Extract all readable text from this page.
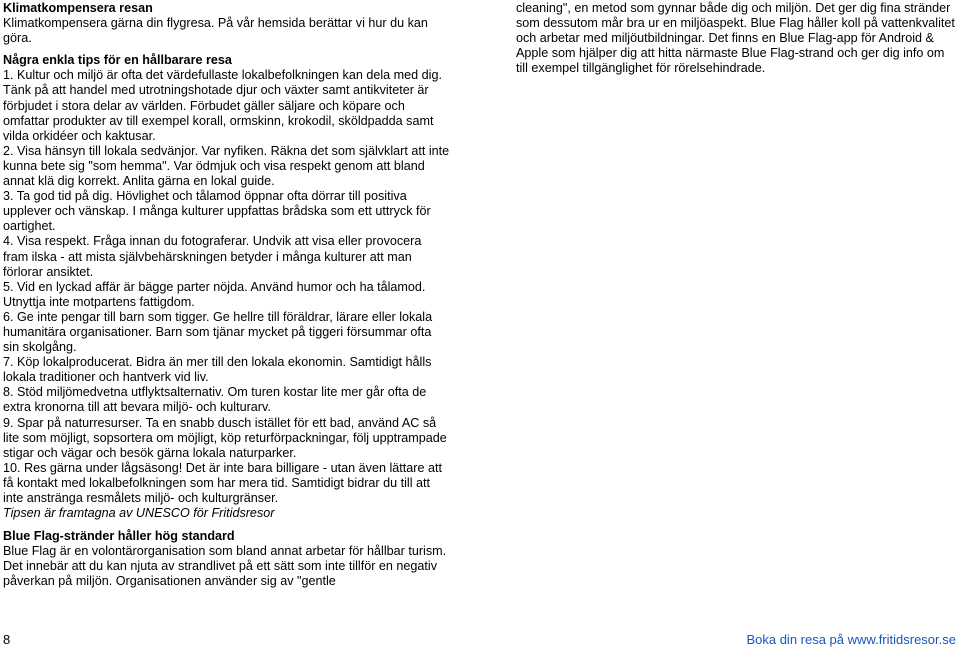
Klimatkompensera resan

Klimatkompensera gärna din flygresa. På vår hemsida berättar vi hur du kan göra.

Några enkla tips för en hållbarare resa

1. Kultur och miljö är ofta det värdefullaste lokalbefolkningen kan dela med dig. Tänk på att handel med utrotningshotade djur och växter samt antikviteter är förbjudet i stora delar av världen. Förbudet gäller säljare och köpare och omfattar produkter av till exempel korall, ormskinn, krokodil, sköldpadda samt vilda orkidéer och kaktusar.

2. Visa hänsyn till lokala sedvänjor. Var nyfiken. Räkna det som självklart att inte kunna bete sig "som hemma". Var ödmjuk och visa respekt genom att bland annat klä dig korrekt. Anlita gärna en lokal guide.

3. Ta god tid på dig. Hövlighet och tålamod öppnar ofta dörrar till positiva upplever och vänskap. I många kulturer uppfattas brådska som ett uttryck för oartighet.

4. Visa respekt. Fråga innan du fotograferar. Undvik att visa eller provocera fram ilska - att mista självbehärskningen betyder i många kulturer att man förlorar ansiktet.

5. Vid en lyckad affär är bägge parter nöjda. Använd humor och ha tålamod. Utnyttja inte motpartens fattigdom.

6. Ge inte pengar till barn som tigger. Ge hellre till föräldrar, lärare eller lokala humanitära organisationer. Barn som tjänar mycket på tiggeri försummar ofta sin skolgång.

7. Köp lokalproducerat. Bidra än mer till den lokala ekonomin. Samtidigt hålls lokala traditioner och hantverk vid liv.

8. Stöd miljömedvetna utflyktsalternativ. Om turen kostar lite mer går ofta de extra kronorna till att bevara miljö- och kulturarv.

9. Spar på naturresurser. Ta en snabb dusch istället för ett bad, använd AC så lite som möjligt, sopsortera om möjligt, köp returförpackningar, följ upptrampade stigar och vägar och besök gärna lokala naturparker.

10. Res gärna under lågsäsong! Det är inte bara billigare - utan även lättare att få kontakt med lokalbefolkningen som har mera tid. Samtidigt bidrar du till att inte anstränga resmålets miljö- och kulturgränser.

Tipsen är framtagna av UNESCO för Fritidsresor

Blue Flag-stränder håller hög standard

Blue Flag är en volontärorganisation som bland annat arbetar för hållbar turism. Det innebär att du kan njuta av strandlivet på ett sätt som inte tillför en negativ påverkan på miljön. Organisationen använder sig av "gentle

cleaning", en metod som gynnar både dig och miljön. Det ger dig fina stränder som dessutom mår bra ur en miljöaspekt. Blue Flag håller koll på vattenkvalitet och arbetar med miljöutbildningar. Det finns en Blue Flag-app för Android & Apple som hjälper dig att hitta närmaste Blue Flag-strand och ger dig info om till exempel tillgänglighet för rörelsehindrade.

8	Boka din resa på www.fritidsresor.se
